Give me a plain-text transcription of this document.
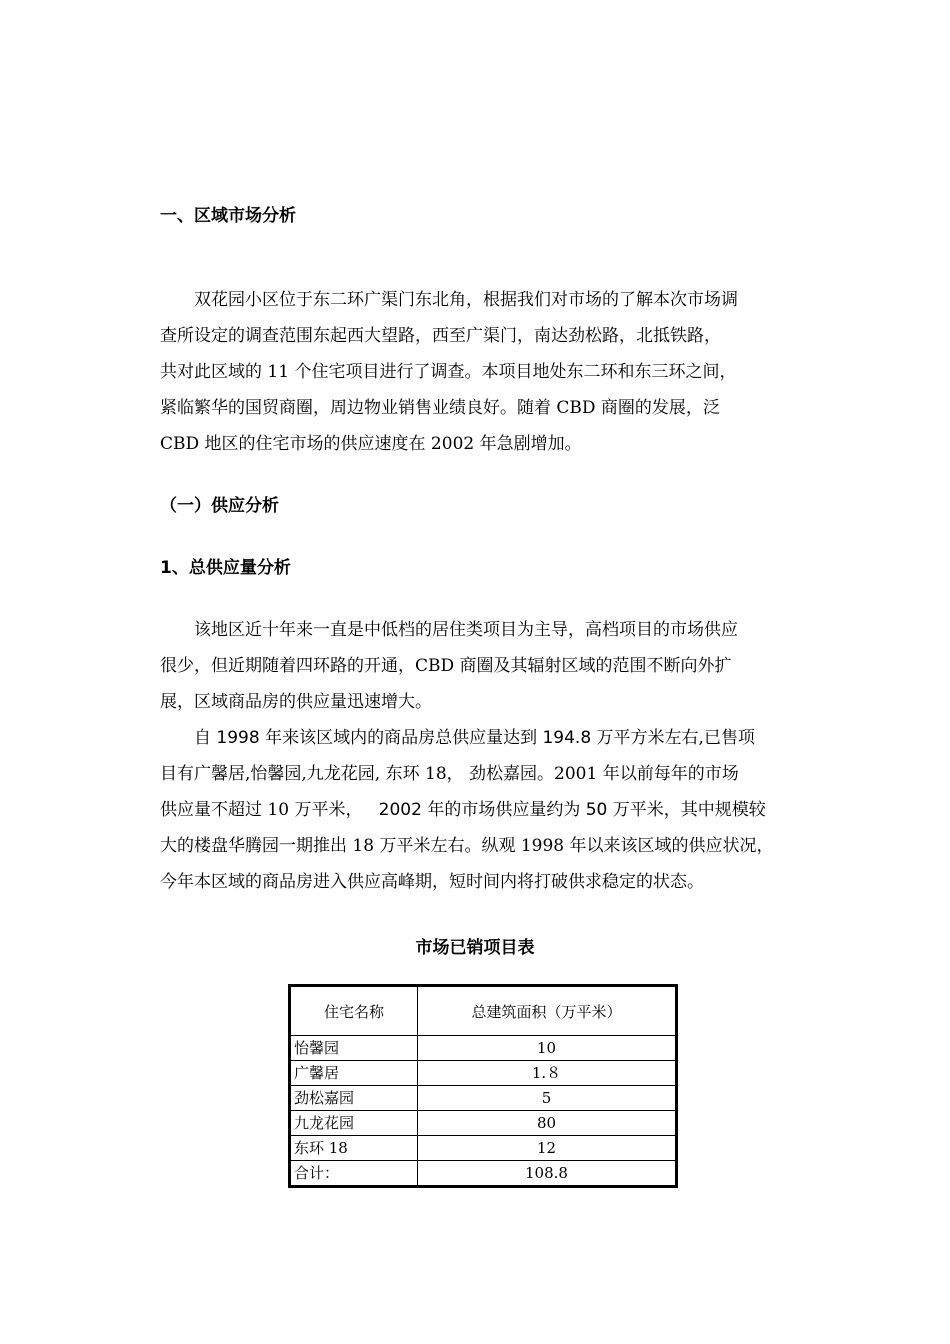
一、区域市场分析
双花园小区位于东二环广渠门东北角，根据我们对市场的了解本次市场调
查所设定的调查范围东起西大望路，西至广渠门，南达劲松路，北抵铁路，
共对此区域的 11 个住宅项目进行了调查。本项目地处东二环和东三环之间，
紧临繁华的国贸商圈，周边物业销售业绩良好。随着 CBD 商圈的发展，泛
CBD 地区的住宅市场的供应速度在 2002 年急剧增加。
（一）供应分析
1、总供应量分析
该地区近十年来一直是中低档的居住类项目为主导，高档项目的市场供应
很少，但近期随着四环路的开通，CBD 商圈及其辐射区域的范围不断向外扩
展，区域商品房的供应量迅速增大。
自 1998 年来该区域内的商品房总供应量达到 194.8 万平方米左右,已售项
目有广馨居,怡馨园,九龙花园, 东环 18， 劲松嘉园。2001 年以前每年的市场
供应量不超过 10 万平米，   2002 年的市场供应量约为 50 万平米，其中规模较
大的楼盘华腾园一期推出 18 万平米左右。纵观 1998 年以来该区域的供应状况，
今年本区域的商品房进入供应高峰期，短时间内将打破供求稳定的状态。
市场已销项目表
住宅名称	总建筑面积（万平米）
怡馨园	10
广馨居	1.８
劲松嘉园	5
九龙花园	80
东环 18	12
合计：	108.8
